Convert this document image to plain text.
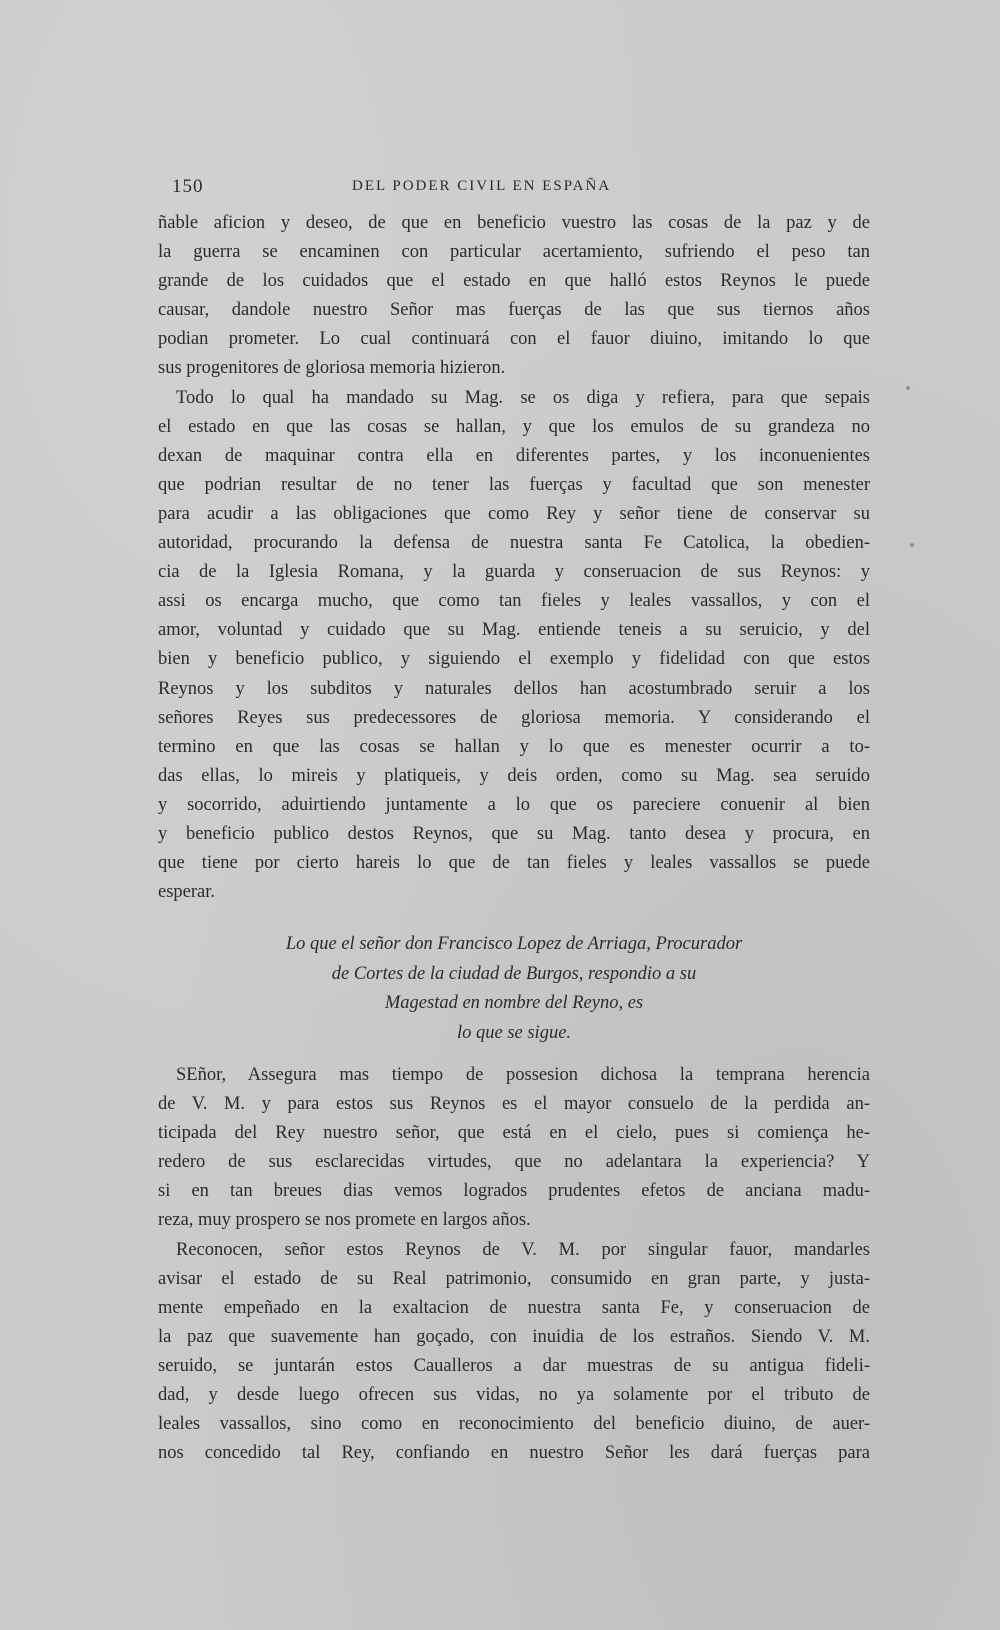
150	DEL PODER CIVIL EN ESPAÑA
ñable aficion y deseo, de que en beneficio vuestro las cosas de la paz y de
la guerra se encaminen con particular acertamiento, sufriendo el peso tan
grande de los cuidados que el estado en que halló estos Reynos le puede
causar, dandole nuestro Señor mas fuerças de las que sus tiernos años
podian prometer. Lo cual continuará con el fauor diuino, imitando lo que
sus progenitores de gloriosa memoria hizieron.
Todo lo qual ha mandado su Mag. se os diga y refiera, para que sepais
el estado en que las cosas se hallan, y que los emulos de su grandeza no
dexan de maquinar contra ella en diferentes partes, y los inconuenientes
que podrian resultar de no tener las fuerças y facultad que son menester
para acudir a las obligaciones que como Rey y señor tiene de conservar su
autoridad, procurando la defensa de nuestra santa Fe Catolica, la obedien-
cia de la Iglesia Romana, y la guarda y conseruacion de sus Reynos: y
assi os encarga mucho, que como tan fieles y leales vassallos, y con el
amor, voluntad y cuidado que su Mag. entiende teneis a su seruicio, y del
bien y beneficio publico, y siguiendo el exemplo y fidelidad con que estos
Reynos y los subditos y naturales dellos han acostumbrado seruir a los
señores Reyes sus predecessores de gloriosa memoria. Y considerando el
termino en que las cosas se hallan y lo que es menester ocurrir a to-
das ellas, lo mireis y platiqueis, y deis orden, como su Mag. sea seruido
y socorrido, aduirtiendo juntamente a lo que os pareciere conuenir al bien
y beneficio publico destos Reynos, que su Mag. tanto desea y procura, en
que tiene por cierto hareis lo que de tan fieles y leales vassallos se puede
esperar.
Lo que el señor don Francisco Lopez de Arriaga, Procurador
de Cortes de la ciudad de Burgos, respondio a su
Magestad en nombre del Reyno, es
lo que se sigue.
SEñor, Assegura mas tiempo de possesion dichosa la temprana herencia
de V. M. y para estos sus Reynos es el mayor consuelo de la perdida an-
ticipada del Rey nuestro señor, que está en el cielo, pues si comiença he-
redero de sus esclarecidas virtudes, que no adelantara la experiencia? Y
si en tan breues dias vemos logrados prudentes efetos de anciana madu-
reza, muy prospero se nos promete en largos años.
Reconocen, señor estos Reynos de V. M. por singular fauor, mandarles
avisar el estado de su Real patrimonio, consumido en gran parte, y justa-
mente empeñado en la exaltacion de nuestra santa Fe, y conseruacion de
la paz que suavemente han goçado, con inuidia de los estraños. Siendo V. M.
seruido, se juntarán estos Caualleros a dar muestras de su antigua fideli-
dad, y desde luego ofrecen sus vidas, no ya solamente por el tributo de
leales vassallos, sino como en reconocimiento del beneficio diuino, de auer-
nos concedido tal Rey, confiando en nuestro Señor les dará fuerças para
